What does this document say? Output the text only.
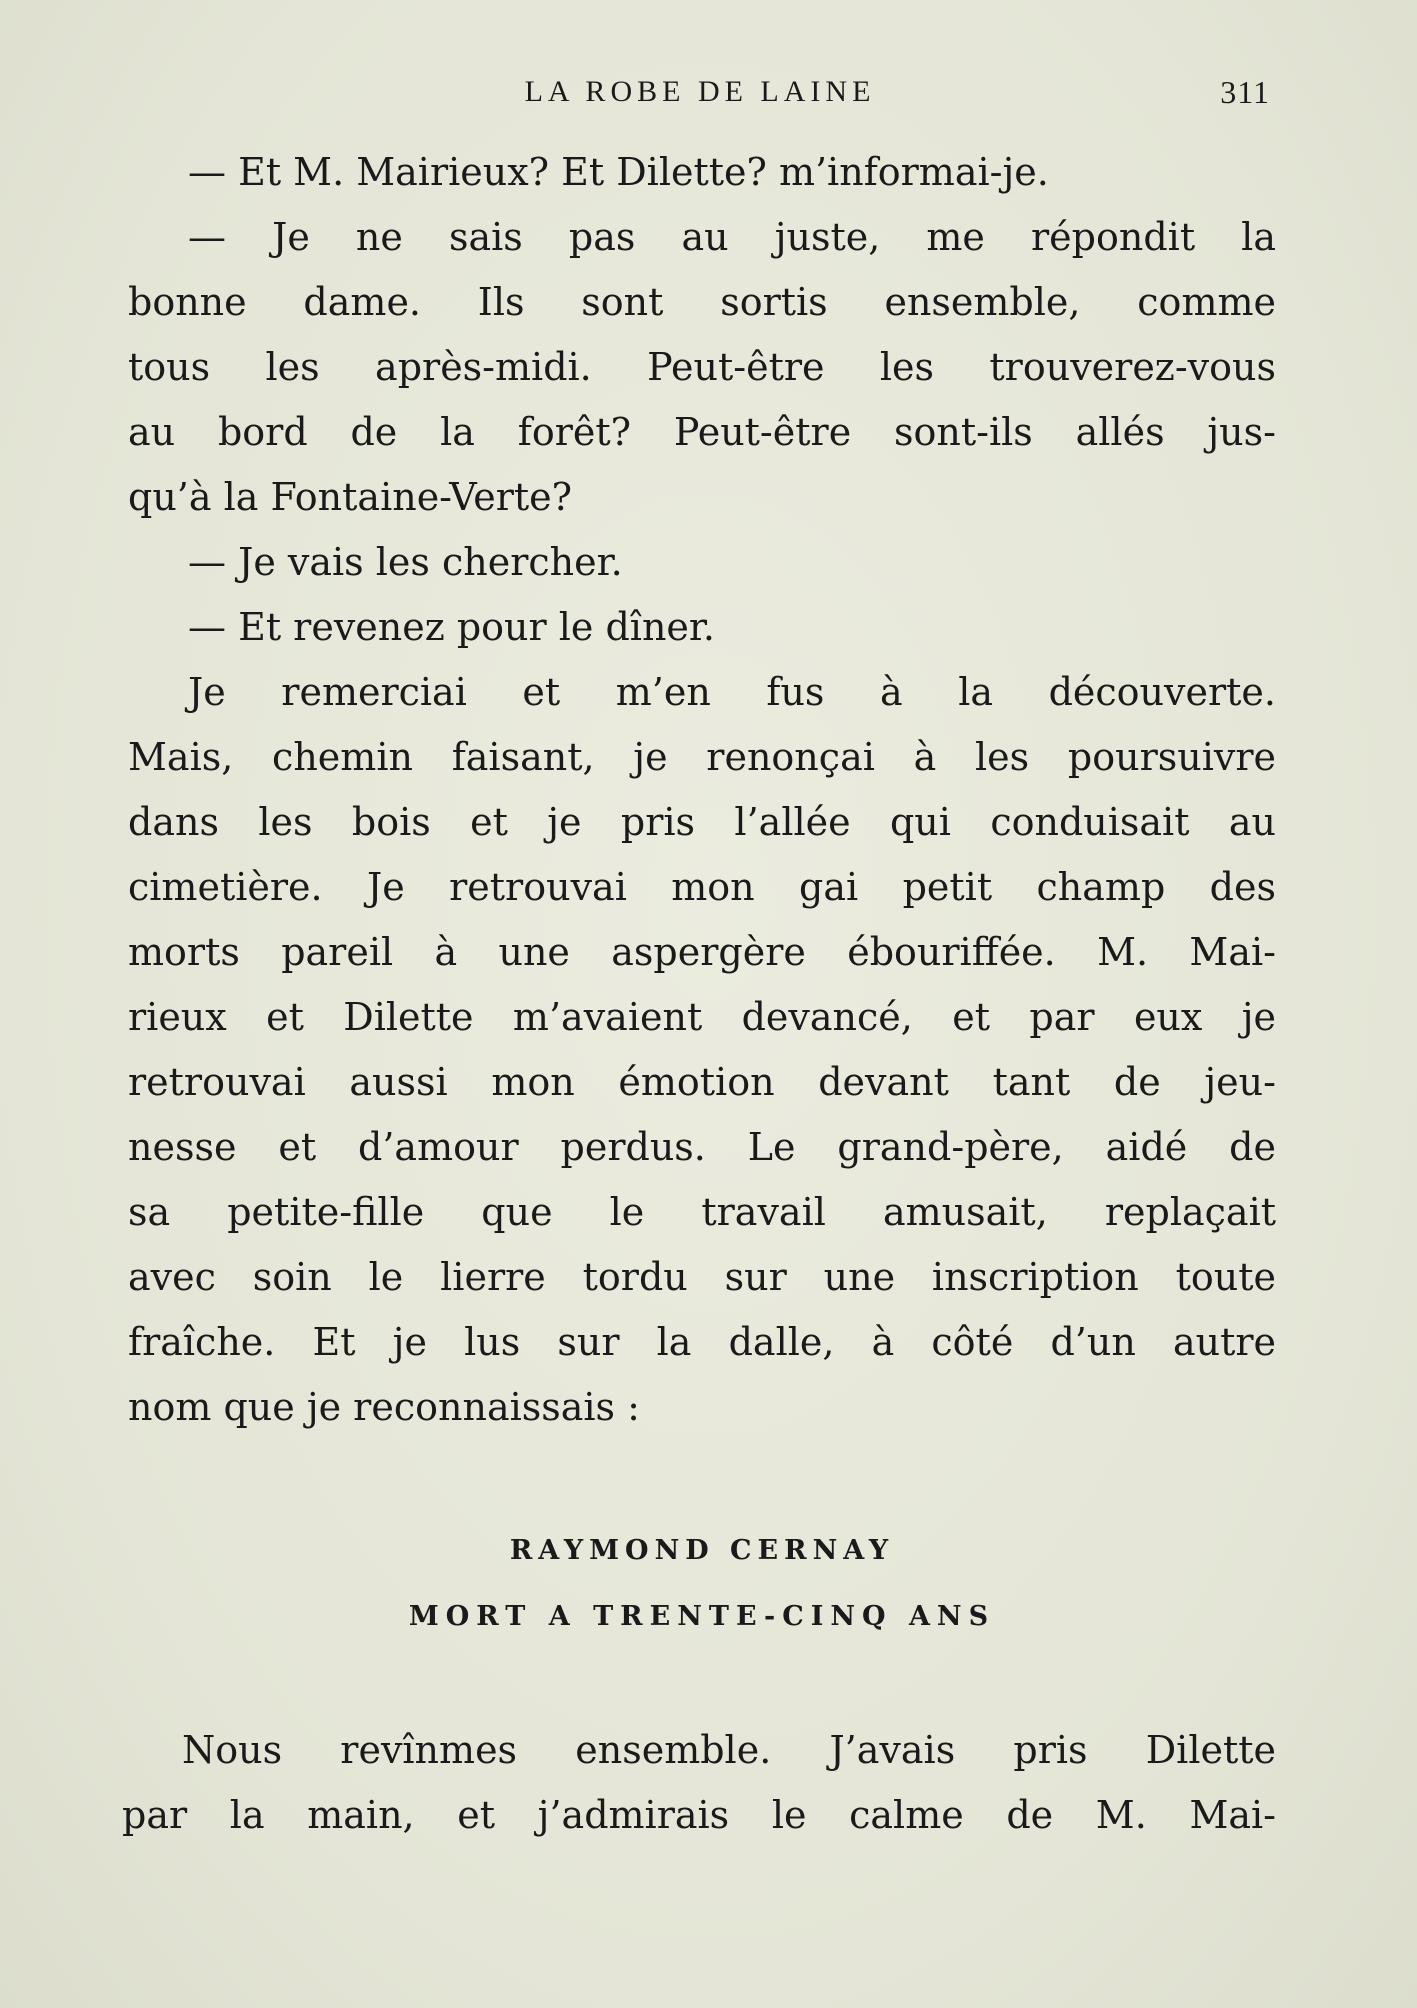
LA ROBE DE LAINE	311
— Et M. Mairieux? Et Dilette? m’informai-je.
— Je ne sais pas au juste, me répondit la
bonne dame. Ils sont sortis ensemble, comme
tous les après-midi. Peut-être les trouverez-vous
au bord de la forêt? Peut-être sont-ils allés jus-
qu’à la Fontaine-Verte?
— Je vais les chercher.
— Et revenez pour le dîner.
Je remerciai et m’en fus à la découverte.
Mais, chemin faisant, je renonçai à les poursuivre
dans les bois et je pris l’allée qui conduisait au
cimetière. Je retrouvai mon gai petit champ des
morts pareil à une aspergère ébouriffée. M. Mai-
rieux et Dilette m’avaient devancé, et par eux je
retrouvai aussi mon émotion devant tant de jeu-
nesse et d’amour perdus. Le grand-père, aidé de
sa petite-fille que le travail amusait, replaçait
avec soin le lierre tordu sur une inscription toute
fraîche. Et je lus sur la dalle, à côté d’un autre
nom que je reconnaissais :
RAYMOND CERNAY
MORT A TRENTE-CINQ ANS
Nous revînmes ensemble. J’avais pris Dilette
par la main, et j’admirais le calme de M. Mai-
